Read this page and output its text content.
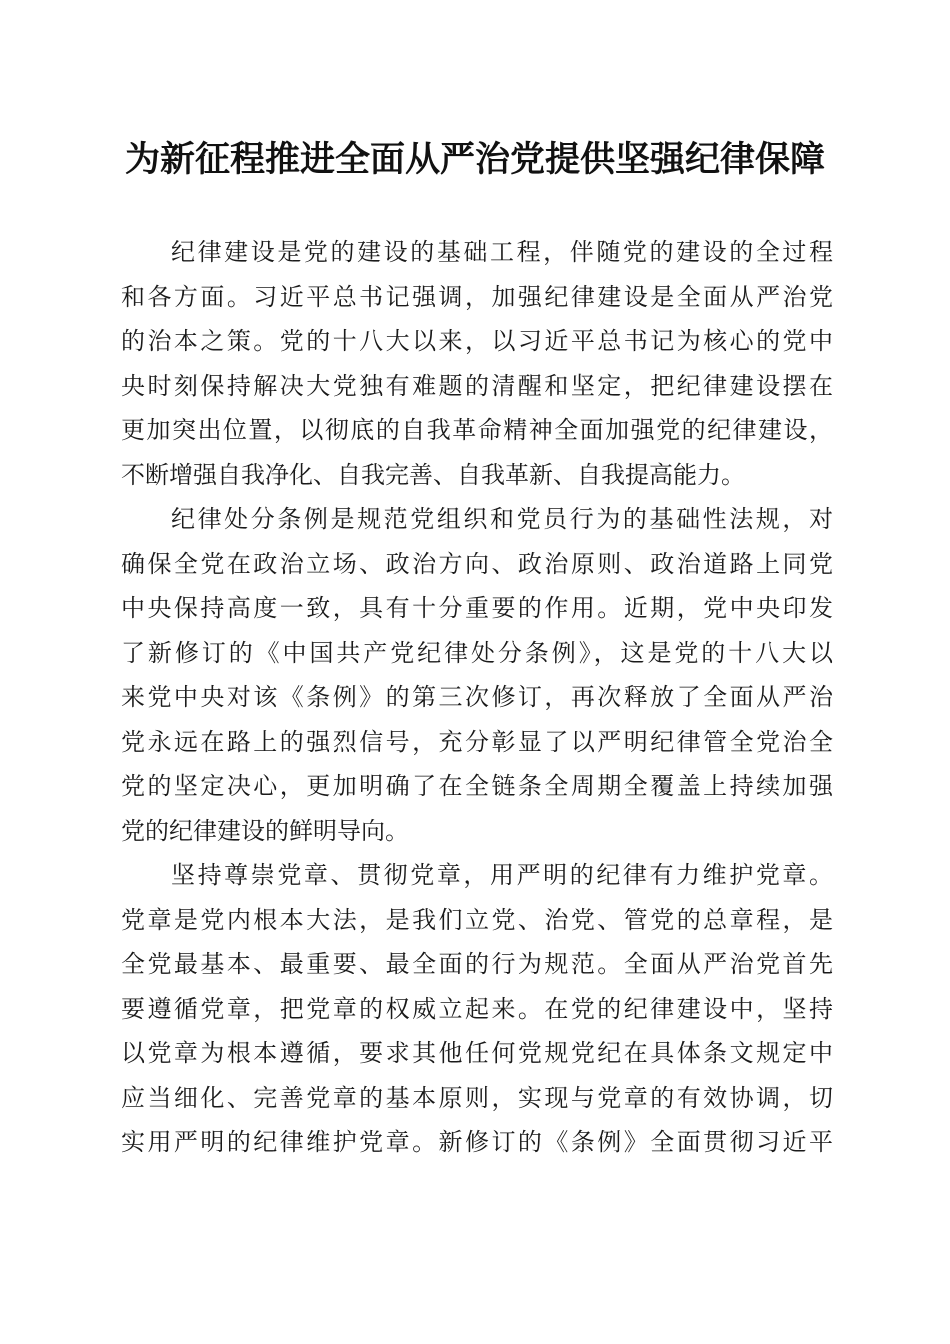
为新征程推进全面从严治党提供坚强纪律保障
纪律建设是党的建设的基础工程，伴随党的建设的全过程
和各方面。习近平总书记强调，加强纪律建设是全面从严治党
的治本之策。党的十八大以来，以习近平总书记为核心的党中
央时刻保持解决大党独有难题的清醒和坚定，把纪律建设摆在
更加突出位置，以彻底的自我革命精神全面加强党的纪律建设，
不断增强自我净化、自我完善、自我革新、自我提高能力。
纪律处分条例是规范党组织和党员行为的基础性法规，对
确保全党在政治立场、政治方向、政治原则、政治道路上同党
中央保持高度一致，具有十分重要的作用。近期，党中央印发
了新修订的《中国共产党纪律处分条例》，这是党的十八大以
来党中央对该《条例》的第三次修订，再次释放了全面从严治
党永远在路上的强烈信号，充分彰显了以严明纪律管全党治全
党的坚定决心，更加明确了在全链条全周期全覆盖上持续加强
党的纪律建设的鲜明导向。
坚持尊崇党章、贯彻党章，用严明的纪律有力维护党章。
党章是党内根本大法，是我们立党、治党、管党的总章程，是
全党最基本、最重要、最全面的行为规范。全面从严治党首先
要遵循党章，把党章的权威立起来。在党的纪律建设中，坚持
以党章为根本遵循，要求其他任何党规党纪在具体条文规定中
应当细化、完善党章的基本原则，实现与党章的有效协调，切
实用严明的纪律维护党章。新修订的《条例》全面贯彻习近平
